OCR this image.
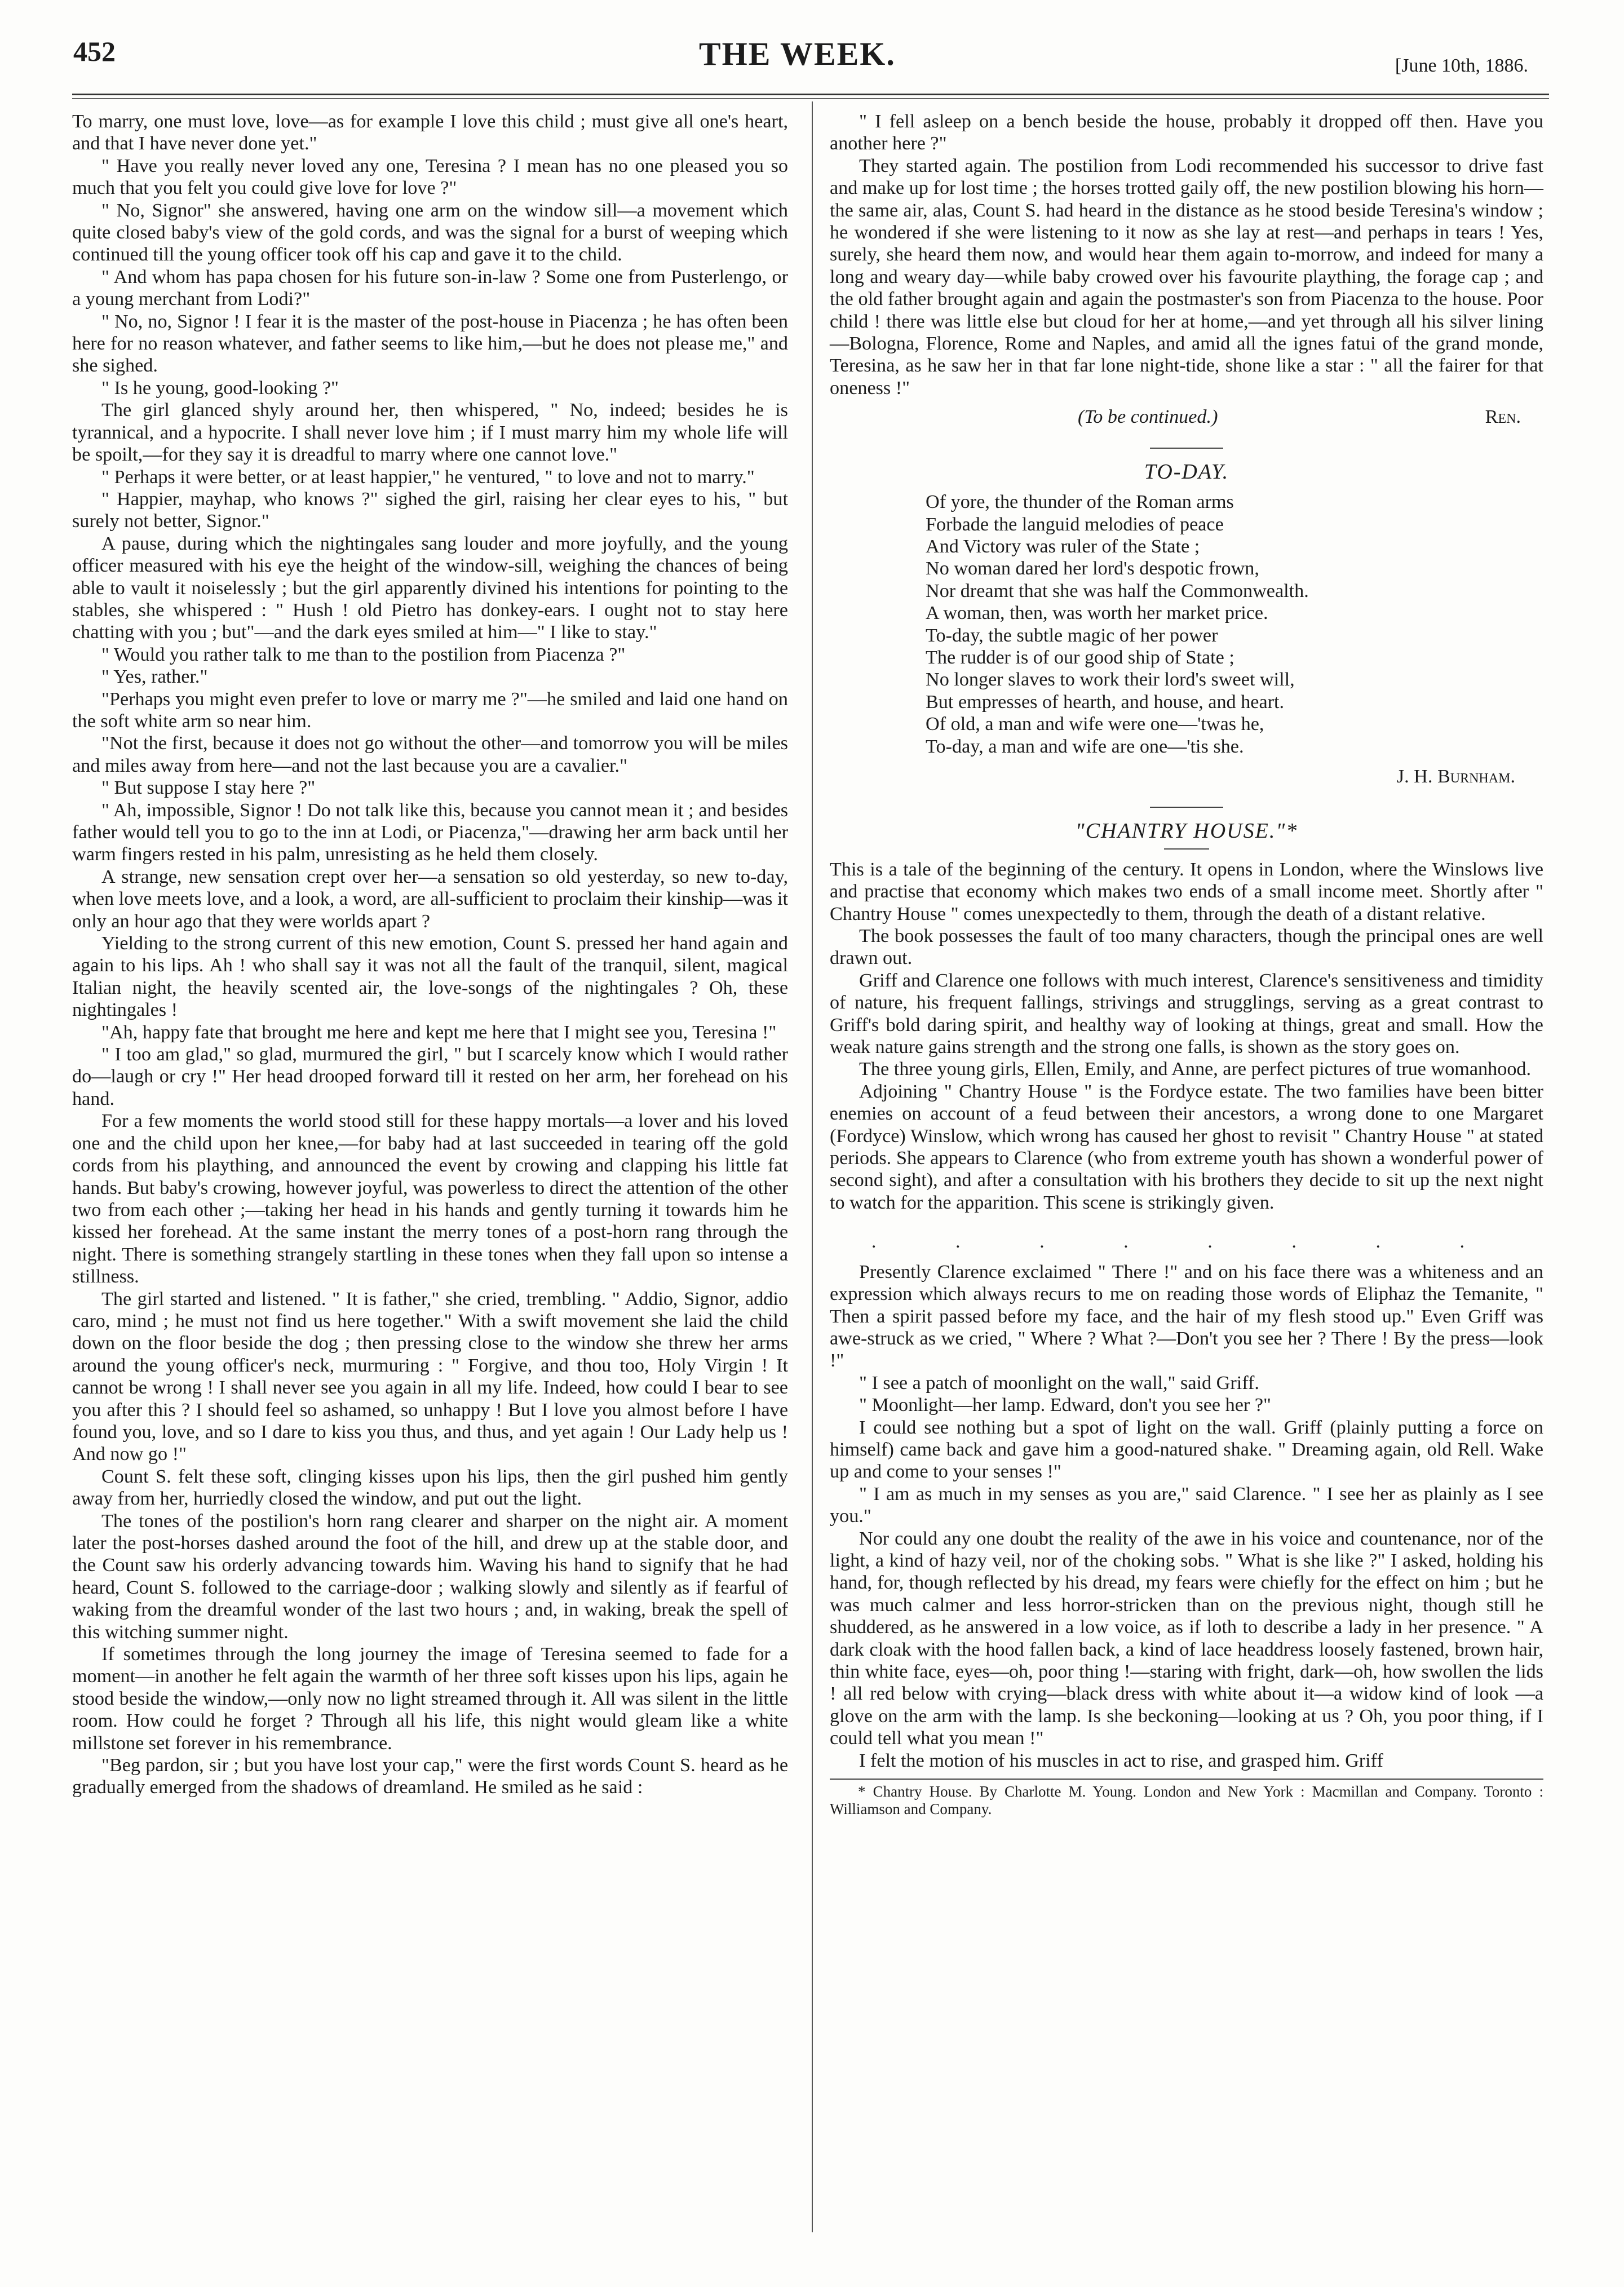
452	THE WEEK.	[June 10th, 1886.

To marry, one must love, love—as for example I love this child ; must give all one's heart, and that I have never done yet."

" Have you really never loved any one, Teresina ? I mean has no one pleased you so much that you felt you could give love for love ?"

" No, Signor" she answered, having one arm on the window sill—a movement which quite closed baby's view of the gold cords, and was the signal for a burst of weeping which continued till the young officer took off his cap and gave it to the child.

" And whom has papa chosen for his future son-in-law ? Some one from Pusterlengo, or a young merchant from Lodi?"

" No, no, Signor ! I fear it is the master of the post-house in Piacenza ; he has often been here for no reason whatever, and father seems to like him,—but he does not please me," and she sighed.

" Is he young, good-looking ?"

The girl glanced shyly around her, then whispered, " No, indeed; besides he is tyrannical, and a hypocrite. I shall never love him ; if I must marry him my whole life will be spoilt,—for they say it is dreadful to marry where one cannot love."

" Perhaps it were better, or at least happier," he ventured, " to love and not to marry."

" Happier, mayhap, who knows ?" sighed the girl, raising her clear eyes to his, " but surely not better, Signor."

A pause, during which the nightingales sang louder and more joyfully, and the young officer measured with his eye the height of the window-sill, weighing the chances of being able to vault it noiselessly ; but the girl apparently divined his intentions for pointing to the stables, she whispered : " Hush ! old Pietro has donkey-ears. I ought not to stay here chatting with you ; but"—and the dark eyes smiled at him—" I like to stay."

" Would you rather talk to me than to the postilion from Piacenza ?"

" Yes, rather."

"Perhaps you might even prefer to love or marry me ?"—he smiled and laid one hand on the soft white arm so near him.

"Not the first, because it does not go without the other—and tomorrow you will be miles and miles away from here—and not the last because you are a cavalier."

" But suppose I stay here ?"

" Ah, impossible, Signor ! Do not talk like this, because you cannot mean it ; and besides father would tell you to go to the inn at Lodi, or Piacenza,"—drawing her arm back until her warm fingers rested in his palm, unresisting as he held them closely.

A strange, new sensation crept over her—a sensation so old yesterday, so new to-day, when love meets love, and a look, a word, are all-sufficient to proclaim their kinship—was it only an hour ago that they were worlds apart ?

Yielding to the strong current of this new emotion, Count S. pressed her hand again and again to his lips. Ah ! who shall say it was not all the fault of the tranquil, silent, magical Italian night, the heavily scented air, the love-songs of the nightingales ? Oh, these nightingales !

"Ah, happy fate that brought me here and kept me here that I might see you, Teresina !"

" I too am glad," so glad, murmured the girl, " but I scarcely know which I would rather do—laugh or cry !" Her head drooped forward till it rested on her arm, her forehead on his hand.

For a few moments the world stood still for these happy mortals—a lover and his loved one and the child upon her knee,—for baby had at last succeeded in tearing off the gold cords from his plaything, and announced the event by crowing and clapping his little fat hands. But baby's crowing, however joyful, was powerless to direct the attention of the other two from each other ;—taking her head in his hands and gently turning it towards him he kissed her forehead. At the same instant the merry tones of a post-horn rang through the night. There is something strangely startling in these tones when they fall upon so intense a stillness.

The girl started and listened. " It is father," she cried, trembling. " Addio, Signor, addio caro, mind ; he must not find us here together." With a swift movement she laid the child down on the floor beside the dog ; then pressing close to the window she threw her arms around the young officer's neck, murmuring : " Forgive, and thou too, Holy Virgin ! It cannot be wrong ! I shall never see you again in all my life. Indeed, how could I bear to see you after this ? I should feel so ashamed, so unhappy ! But I love you almost before I have found you, love, and so I dare to kiss you thus, and thus, and yet again ! Our Lady help us ! And now go !"

Count S. felt these soft, clinging kisses upon his lips, then the girl pushed him gently away from her, hurriedly closed the window, and put out the light.

The tones of the postilion's horn rang clearer and sharper on the night air. A moment later the post-horses dashed around the foot of the hill, and drew up at the stable door, and the Count saw his orderly advancing towards him. Waving his hand to signify that he had heard, Count S. followed to the carriage-door ; walking slowly and silently as if fearful of waking from the dreamful wonder of the last two hours ; and, in waking, break the spell of this witching summer night.

If sometimes through the long journey the image of Teresina seemed to fade for a moment—in another he felt again the warmth of her three soft kisses upon his lips, again he stood beside the window,—only now no light streamed through it. All was silent in the little room. How could he forget ? Through all his life, this night would gleam like a white millstone set forever in his remembrance.

"Beg pardon, sir ; but you have lost your cap," were the first words Count S. heard as he gradually emerged from the shadows of dreamland. He smiled as he said :

" I fell asleep on a bench beside the house, probably it dropped off then. Have you another here ?"

They started again. The postilion from Lodi recommended his successor to drive fast and make up for lost time ; the horses trotted gaily off, the new postilion blowing his horn—the same air, alas, Count S. had heard in the distance as he stood beside Teresina's window ; he wondered if she were listening to it now as she lay at rest—and perhaps in tears ! Yes, surely, she heard them now, and would hear them again to-morrow, and indeed for many a long and weary day—while baby crowed over his favourite plaything, the forage cap ; and the old father brought again and again the postmaster's son from Piacenza to the house. Poor child ! there was little else but cloud for her at home,—and yet through all his silver lining—Bologna, Florence, Rome and Naples, and amid all the ignes fatui of the grand monde, Teresina, as he saw her in that far lone night-tide, shone like a star : " all the fairer for that oneness !"

(To be continued.)	Ren.
TO-DAY.
Of yore, the thunder of the Roman arms
Forbade the languid melodies of peace
And Victory was ruler of the State ;
No woman dared her lord's despotic frown,
Nor dreamt that she was half the Commonwealth.
A woman, then, was worth her market price.
To-day, the subtle magic of her power
The rudder is of our good ship of State ;
No longer slaves to work their lord's sweet will,
But empresses of hearth, and house, and heart.
Of old, a man and wife were one—'twas he,
To-day, a man and wife are one—'tis she.
J. H. Burnham.
"CHANTRY HOUSE."*

This is a tale of the beginning of the century. It opens in London, where the Winslows live and practise that economy which makes two ends of a small income meet. Shortly after " Chantry House " comes unexpectedly to them, through the death of a distant relative.

The book possesses the fault of too many characters, though the principal ones are well drawn out.

Griff and Clarence one follows with much interest, Clarence's sensitiveness and timidity of nature, his frequent fallings, strivings and strugglings, serving as a great contrast to Griff's bold daring spirit, and healthy way of looking at things, great and small. How the weak nature gains strength and the strong one falls, is shown as the story goes on.

The three young girls, Ellen, Emily, and Anne, are perfect pictures of true womanhood.

Adjoining " Chantry House " is the Fordyce estate. The two families have been bitter enemies on account of a feud between their ancestors, a wrong done to one Margaret (Fordyce) Winslow, which wrong has caused her ghost to revisit " Chantry House " at stated periods. She appears to Clarence (who from extreme youth has shown a wonderful power of second sight), and after a consultation with his brothers they decide to sit up the next night to watch for the apparition. This scene is strikingly given.

. . . . . . . .

Presently Clarence exclaimed " There !" and on his face there was a whiteness and an expression which always recurs to me on reading those words of Eliphaz the Temanite, " Then a spirit passed before my face, and the hair of my flesh stood up." Even Griff was awe-struck as we cried, " Where ? What ?—Don't you see her ? There ! By the press—look !"

" I see a patch of moonlight on the wall," said Griff.

" Moonlight—her lamp. Edward, don't you see her ?"

I could see nothing but a spot of light on the wall. Griff (plainly putting a force on himself) came back and gave him a good-natured shake. " Dreaming again, old Rell. Wake up and come to your senses !"

" I am as much in my senses as you are," said Clarence. " I see her as plainly as I see you."

Nor could any one doubt the reality of the awe in his voice and countenance, nor of the light, a kind of hazy veil, nor of the choking sobs. " What is she like ?" I asked, holding his hand, for, though reflected by his dread, my fears were chiefly for the effect on him ; but he was much calmer and less horror-stricken than on the previous night, though still he shuddered, as he answered in a low voice, as if loth to describe a lady in her presence. " A dark cloak with the hood fallen back, a kind of lace headdress loosely fastened, brown hair, thin white face, eyes—oh, poor thing !—staring with fright, dark—oh, how swollen the lids ! all red below with crying—black dress with white about it—a widow kind of look —a glove on the arm with the lamp. Is she beckoning—looking at us ? Oh, you poor thing, if I could tell what you mean !"

I felt the motion of his muscles in act to rise, and grasped him. Griff

* Chantry House. By Charlotte M. Young. London and New York : Macmillan and Company. Toronto : Williamson and Company.
